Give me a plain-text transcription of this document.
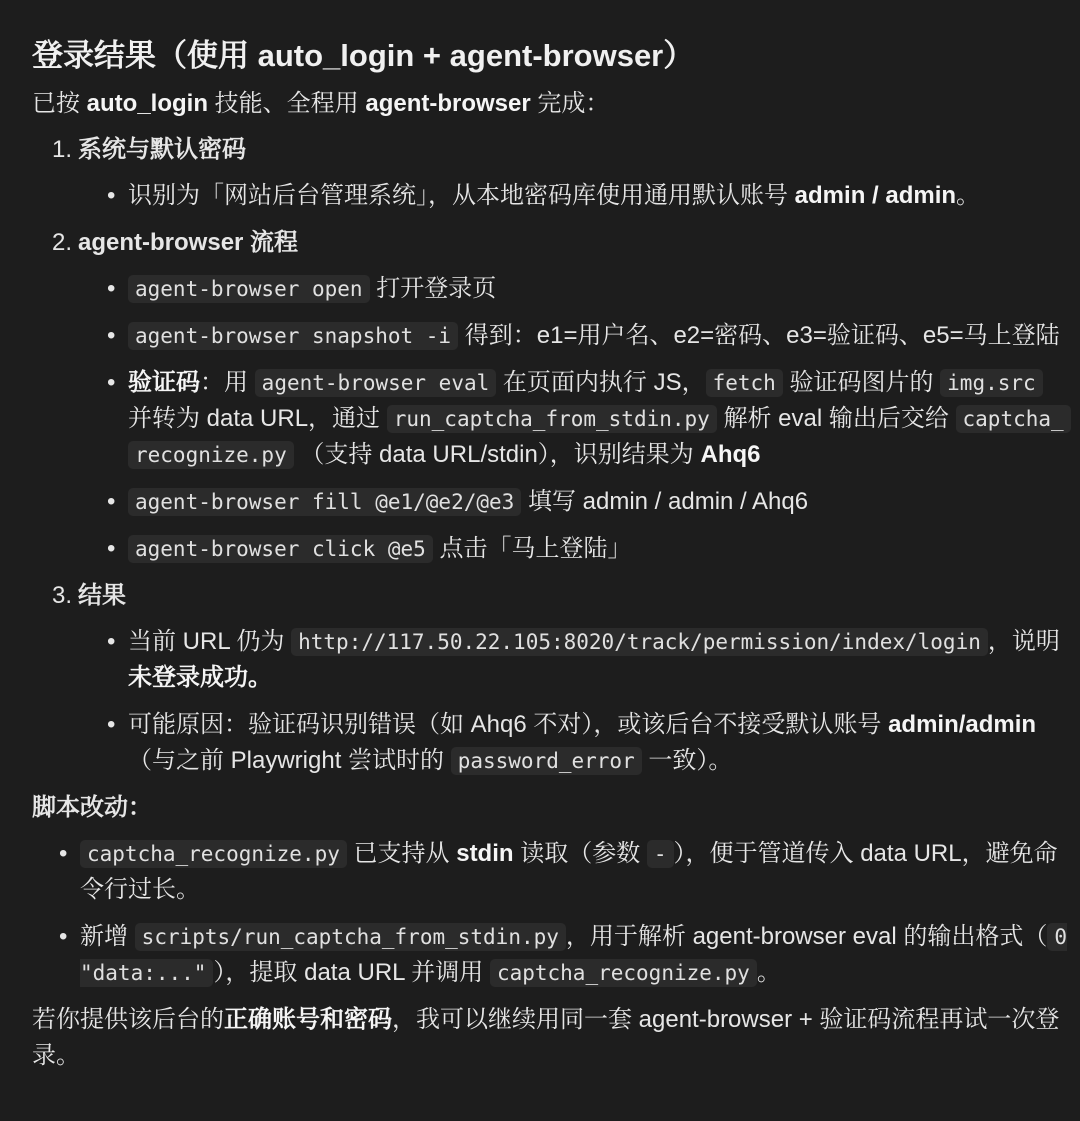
登录结果（使用 auto_login + agent-browser）

已按 auto_login 技能、全程用 agent-browser 完成：

1. 系统与默认密码
• 识别为「网站后台管理系统」，从本地密码库使用通用默认账号 admin / admin。
2. agent-browser 流程
• agent-browser open 打开登录页
• agent-browser snapshot -i 得到：e1=用户名、e2=密码、e3=验证码、e5=马上登陆
• 验证码：用 agent-browser eval 在页面内执行 JS， fetch 验证码图片的 img.src
并转为 data URL，通过 run_captcha_from_stdin.py 解析 eval 输出后交给 captcha_
recognize.py （支持 data URL/stdin），识别结果为 Ahq6
• agent-browser fill @e1/@e2/@e3 填写 admin / admin / Ahq6
• agent-browser click @e5 点击「马上登陆」
3. 结果
• 当前 URL 仍为 http://117.50.22.105:8020/track/permission/index/login ，说明
未登录成功。
• 可能原因：验证码识别错误（如 Ahq6 不对），或该后台不接受默认账号 admin/admin（与之前 Playwright 尝试时的 password_error 一致）。
脚本改动：
• captcha_recognize.py 已支持从 stdin 读取（参数 - ），便于管道传入 data URL，避免命令行过长。
• 新增 scripts/run_captcha_from_stdin.py ，用于解析 agent-browser eval 的输出格式（ 0 "data:..." ），提取 data URL 并调用 captcha_recognize.py 。

若你提供该后台的正确账号和密码，我可以继续用同一套 agent-browser + 验证码流程再试一次登录。
